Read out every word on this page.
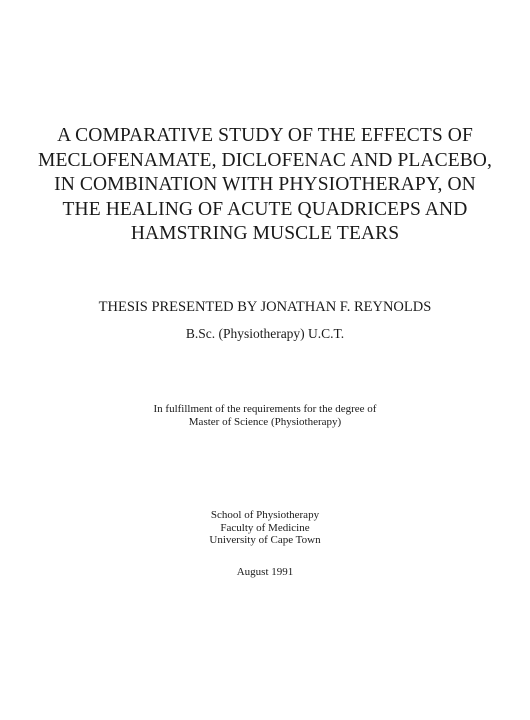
A COMPARATIVE STUDY OF THE EFFECTS OF
MECLOFENAMATE, DICLOFENAC AND PLACEBO,
IN COMBINATION WITH PHYSIOTHERAPY, ON
THE HEALING OF ACUTE QUADRICEPS AND
HAMSTRING MUSCLE TEARS
THESIS PRESENTED BY JONATHAN F. REYNOLDS
B.Sc. (Physiotherapy) U.C.T.
In fulfillment of the requirements for the degree of
Master of Science (Physiotherapy)
School of Physiotherapy
Faculty of Medicine
University of Cape Town
August 1991
